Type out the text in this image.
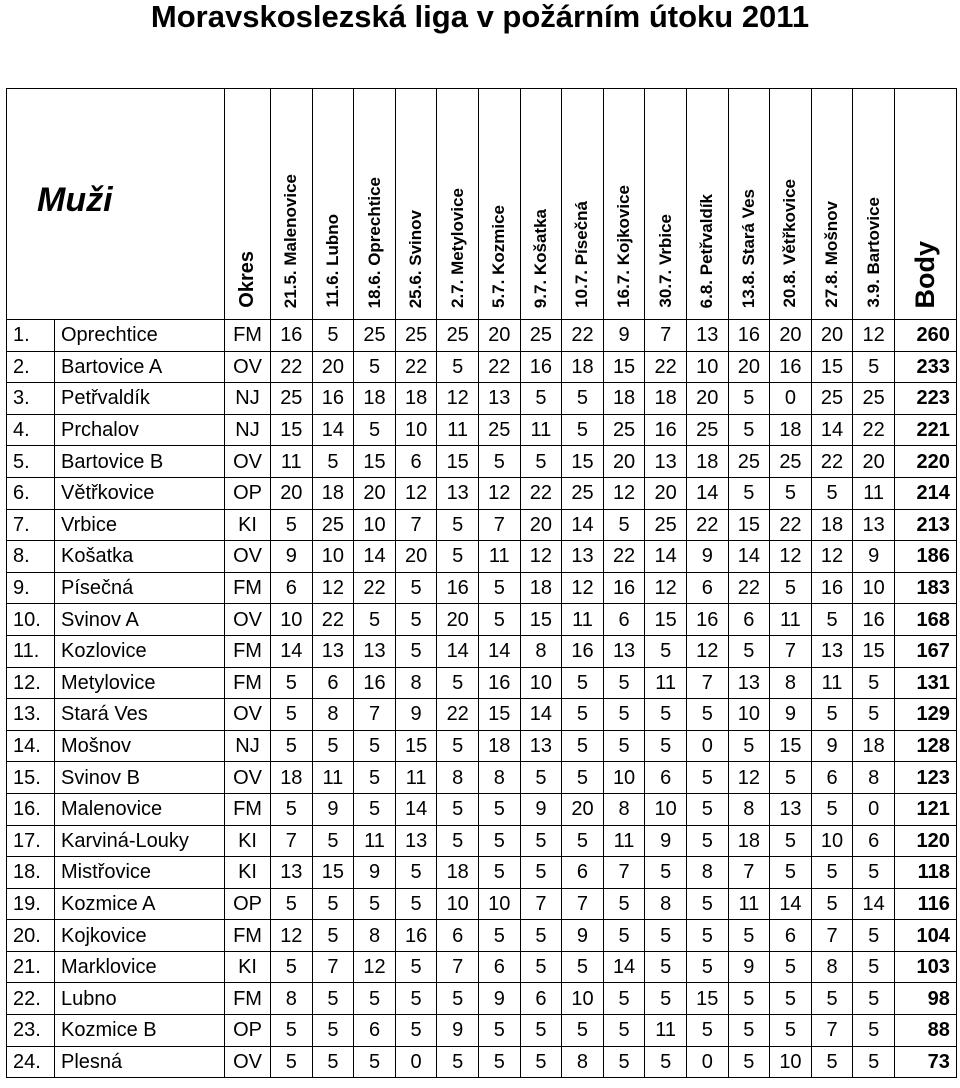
Moravskoslezská liga v požárním útoku 2011
Muži		Okres	21.5. Malenovice	11.6. Lubno	18.6. Oprechtice	25.6. Svinov	2.7. Metylovice	5.7. Kozmice	9.7. Košatka	10.7. Písečná	16.7. Kojkovice	30.7. Vrbice	6.8. Petřvaldík	13.8. Stará Ves	20.8. Větřkovice	27.8. Mošnov	3.9. Bartovice	Body
1.	Oprechtice	FM	16	5	25	25	25	20	25	22	9	7	13	16	20	20	12	260
2.	Bartovice A	OV	22	20	5	22	5	22	16	18	15	22	10	20	16	15	5	233
3.	Petřvaldík	NJ	25	16	18	18	12	13	5	5	18	18	20	5	0	25	25	223
4.	Prchalov	NJ	15	14	5	10	11	25	11	5	25	16	25	5	18	14	22	221
5.	Bartovice B	OV	11	5	15	6	15	5	5	15	20	13	18	25	25	22	20	220
6.	Větřkovice	OP	20	18	20	12	13	12	22	25	12	20	14	5	5	5	11	214
7.	Vrbice	KI	5	25	10	7	5	7	20	14	5	25	22	15	22	18	13	213
8.	Košatka	OV	9	10	14	20	5	11	12	13	22	14	9	14	12	12	9	186
9.	Písečná	FM	6	12	22	5	16	5	18	12	16	12	6	22	5	16	10	183
10.	Svinov A	OV	10	22	5	5	20	5	15	11	6	15	16	6	11	5	16	168
11.	Kozlovice	FM	14	13	13	5	14	14	8	16	13	5	12	5	7	13	15	167
12.	Metylovice	FM	5	6	16	8	5	16	10	5	5	11	7	13	8	11	5	131
13.	Stará Ves	OV	5	8	7	9	22	15	14	5	5	5	5	10	9	5	5	129
14.	Mošnov	NJ	5	5	5	15	5	18	13	5	5	5	0	5	15	9	18	128
15.	Svinov B	OV	18	11	5	11	8	8	5	5	10	6	5	12	5	6	8	123
16.	Malenovice	FM	5	9	5	14	5	5	9	20	8	10	5	8	13	5	0	121
17.	Karviná-Louky	KI	7	5	11	13	5	5	5	5	11	9	5	18	5	10	6	120
18.	Mistřovice	KI	13	15	9	5	18	5	5	6	7	5	8	7	5	5	5	118
19.	Kozmice A	OP	5	5	5	5	10	10	7	7	5	8	5	11	14	5	14	116
20.	Kojkovice	FM	12	5	8	16	6	5	5	9	5	5	5	5	6	7	5	104
21.	Marklovice	KI	5	7	12	5	7	6	5	5	14	5	5	9	5	8	5	103
22.	Lubno	FM	8	5	5	5	5	9	6	10	5	5	15	5	5	5	5	98
23.	Kozmice B	OP	5	5	6	5	9	5	5	5	5	11	5	5	5	7	5	88
24.	Plesná	OV	5	5	5	0	5	5	5	8	5	5	0	5	10	5	5	73
